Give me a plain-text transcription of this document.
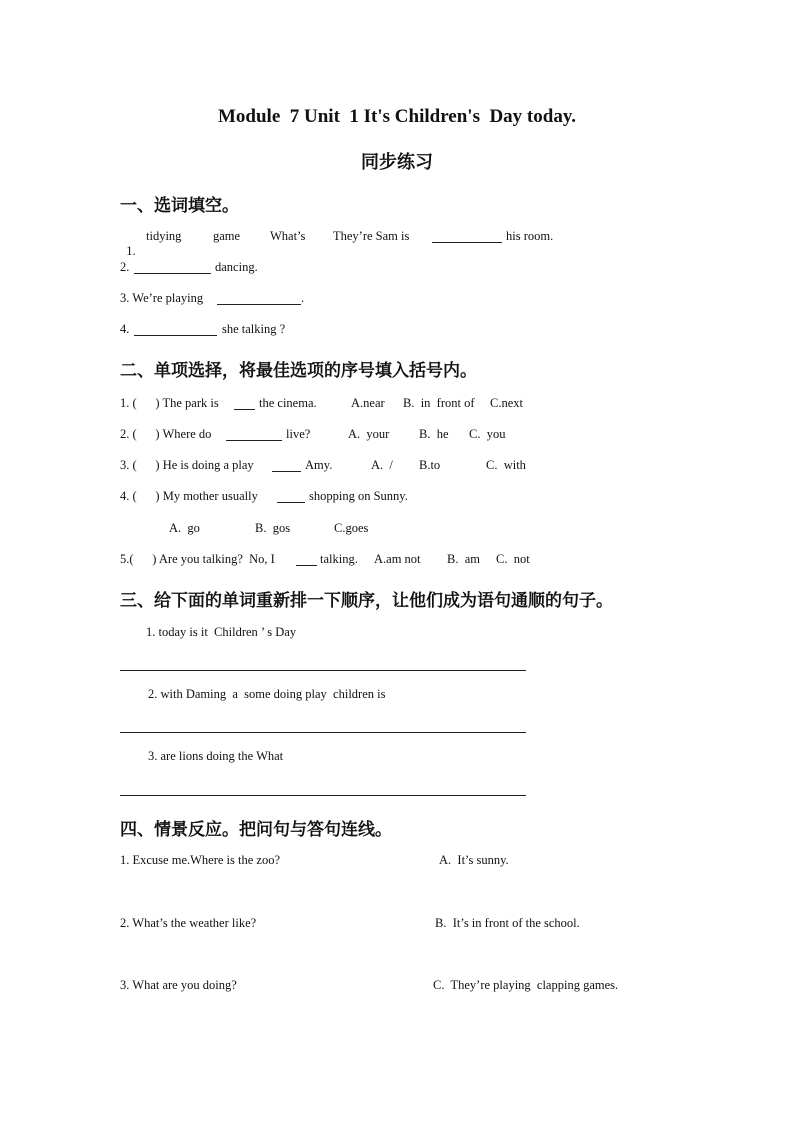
Module  7 Unit  1 It's Children's  Day today.
同步练习
一、选词填空。

1.

tidying	game What’s They’re Sam is	his room.
2.	dancing.
3. We’re playing	.
4.	she talking ?
二、单项选择，将最佳选项的序号填入括号内。
1. (      ) The park is	the cinema.	A.near B.  in  front of C.next
2. (      ) Where do	live?	A.  your B.  he C.  you
3. (      ) He is doing a play	Amy.	A.  / B.to	C.  with
4. (      ) My mother usually	shopping on Sunny.
A.  go	B.  gos	C.goes
5.(      ) Are you talking?  No, I	talking. A.am not B.  am C.  not
三、给下面的单词重新排一下顺序，让他们成为语句通顺的句子。
1. today is it  Children ’ s Day
2. with Daming  a  some doing play  children is
3. are lions doing the What
四、情景反应。把问句与答句连线。
1. Excuse me.Where is the zoo?	A.  It’s sunny.
2. What’s the weather like?	B.  It’s in front of the school.
3. What are you doing?	C.  They’re playing  clapping games.
